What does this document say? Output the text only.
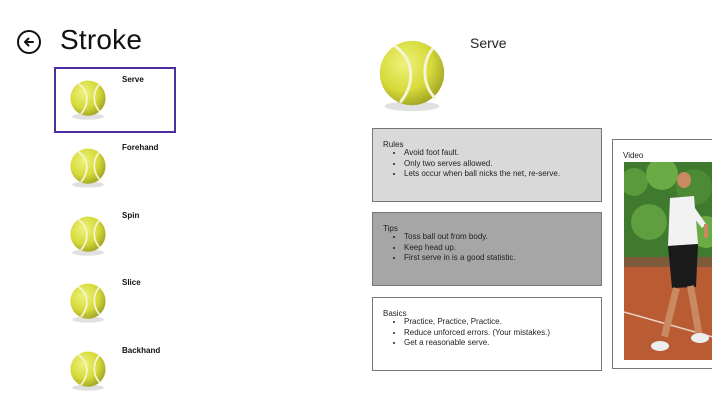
Stroke
Serve
Forehand
Spin
Slice
Backhand
Serve
Rules
• Avoid foot fault.
• Only two serves allowed.
• Lets occur when ball nicks the net, re-serve.
Tips
• Toss ball out from body.
• Keep head up.
• First serve in is a good statistic.
Basics
• Practice, Practice, Practice.
• Reduce unforced errors. (Your mistakes.)
• Get a reasonable serve.
Video
